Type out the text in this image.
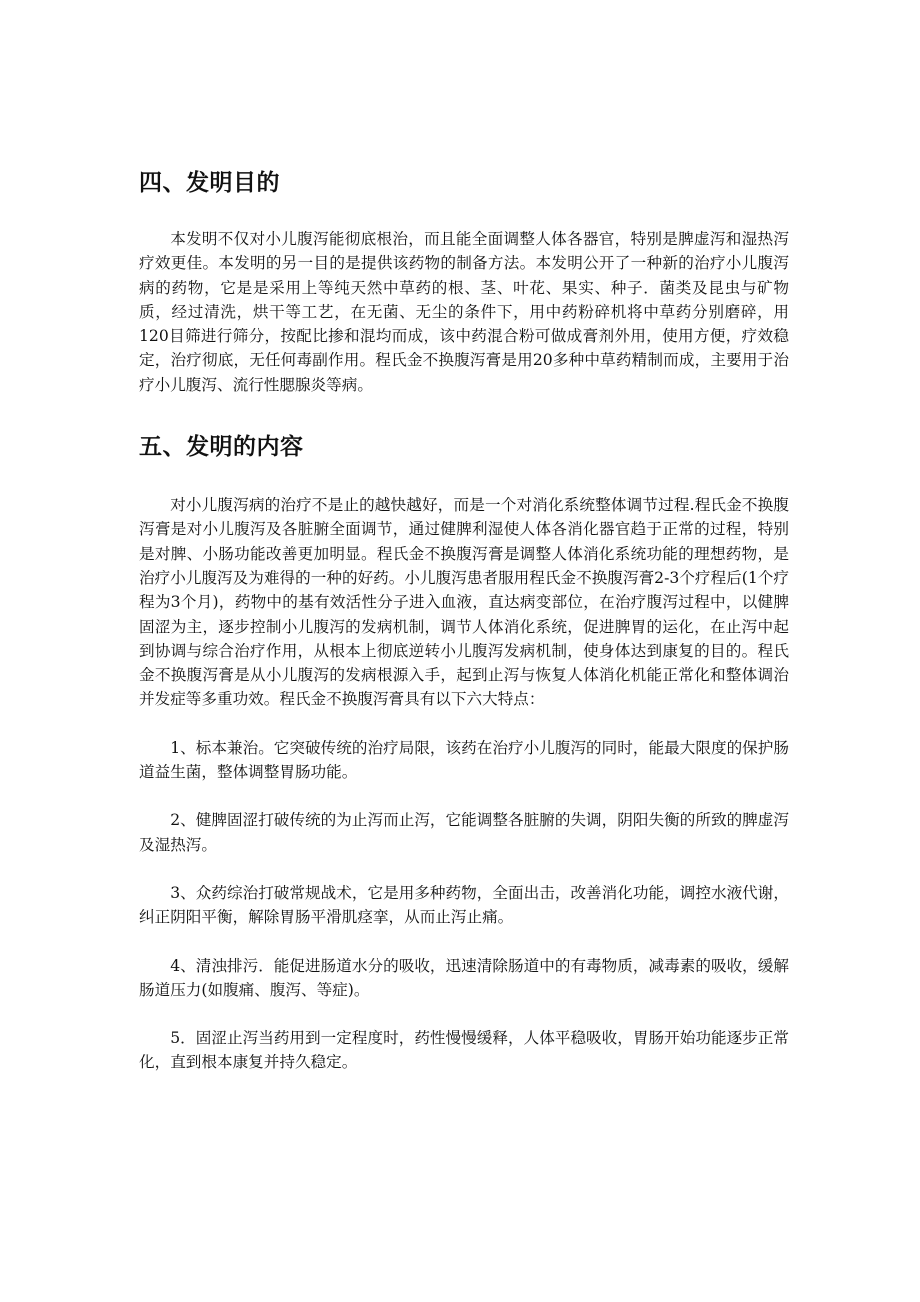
四、发明目的

本发明不仅对小儿腹泻能彻底根治，而且能全面调整人体各器官，特别是脾虚泻和湿热泻疗效更佳。本发明的另一目的是提供该药物的制备方法。本发明公开了一种新的治疗小儿腹泻病的药物，它是是采用上等纯天然中草药的根、茎、叶花、果实、种子．菌类及昆虫与矿物质，经过清洗，烘干等工艺，在无菌、无尘的条件下，用中药粉碎机将中草药分别磨碎，用120目筛进行筛分，按配比掺和混均而成，该中药混合粉可做成膏剂外用，使用方便，疗效稳定，治疗彻底，无任何毒副作用。程氏金不换腹泻膏是用20多种中草药精制而成，主要用于治疗小儿腹泻、流行性腮腺炎等病。

五、发明的内容

对小儿腹泻病的治疗不是止的越快越好，而是一个对消化系统整体调节过程.程氏金不换腹泻膏是对小儿腹泻及各脏腑全面调节，通过健脾利湿使人体各消化器官趋于正常的过程，特别是对脾、小肠功能改善更加明显。程氏金不换腹泻膏是调整人体消化系统功能的理想药物，是治疗小儿腹泻及为难得的一种的好药。小儿腹泻患者服用程氏金不换腹泻膏2-3个疗程后(1个疗程为3个月)，药物中的基有效活性分子进入血液，直达病变部位，在治疗腹泻过程中，以健脾固涩为主，逐步控制小儿腹泻的发病机制，调节人体消化系统，促进脾胃的运化，在止泻中起到协调与综合治疗作用，从根本上彻底逆转小儿腹泻发病机制，使身体达到康复的目的。程氏金不换腹泻膏是从小儿腹泻的发病根源入手，起到止泻与恢复人体消化机能正常化和整体调治并发症等多重功效。程氏金不换腹泻膏具有以下六大特点：

1、标本兼治。它突破传统的治疗局限，该药在治疗小儿腹泻的同时，能最大限度的保护肠道益生菌，整体调整胃肠功能。

2、健脾固涩打破传统的为止泻而止泻，它能调整各脏腑的失调，阴阳失衡的所致的脾虚泻及湿热泻。

3、众药综治打破常规战术，它是用多种药物，全面出击，改善消化功能，调控水液代谢，纠正阴阳平衡，解除胃肠平滑肌痉挛，从而止泻止痛。

4、清浊排污．能促进肠道水分的吸收，迅速清除肠道中的有毒物质，减毒素的吸收，缓解肠道压力(如腹痛、腹泻、等症)。

5．固涩止泻当药用到一定程度时，药性慢慢缓释，人体平稳吸收，胃肠开始功能逐步正常化，直到根本康复并持久稳定。
